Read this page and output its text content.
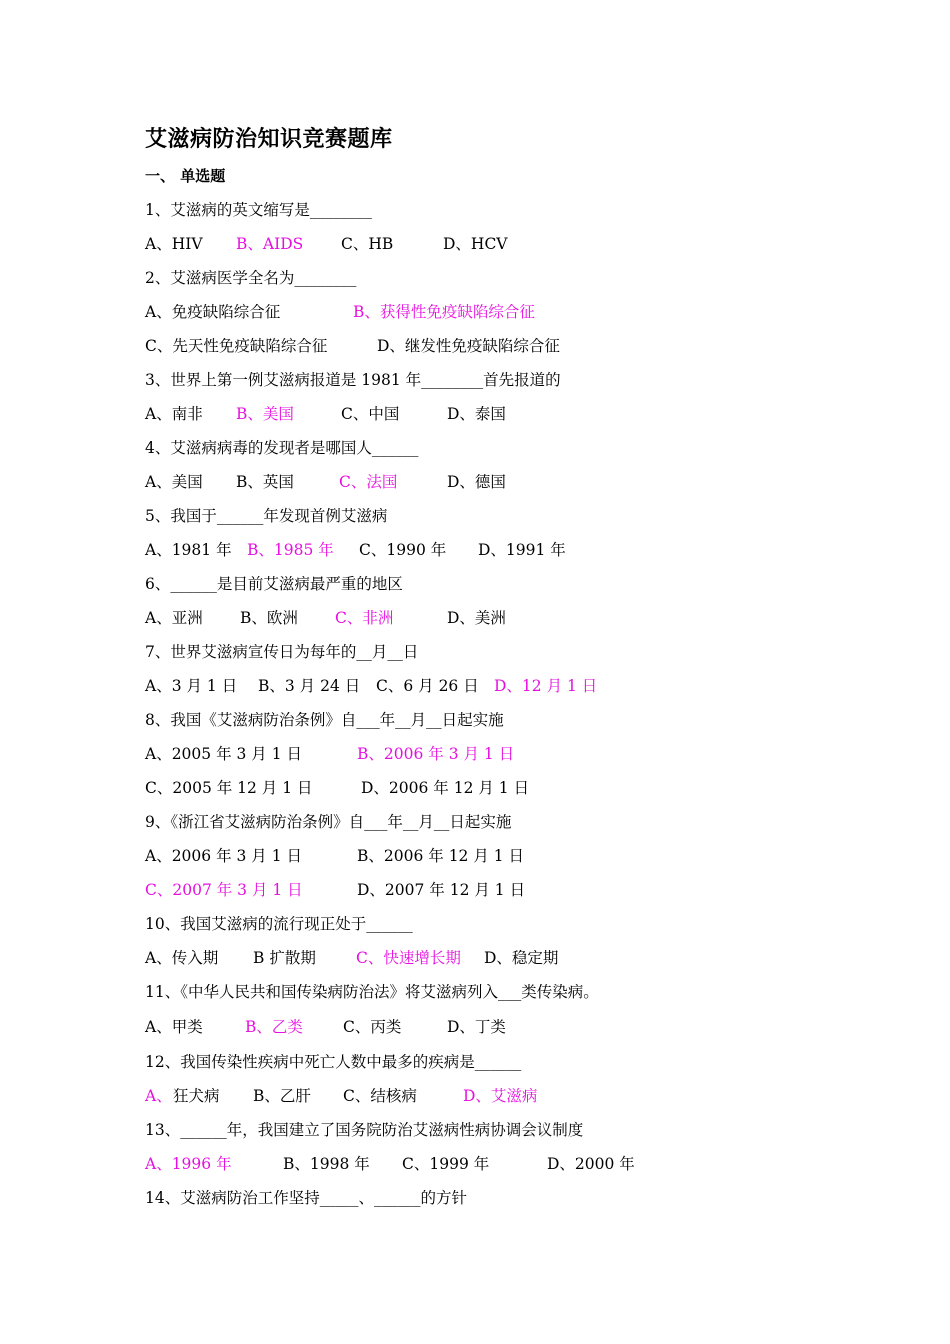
艾滋病防治知识竞赛题库
一、 单选题
1、艾滋病的英文缩写是________
A、HIV B、AIDS C、HB	D、HCV
2、艾滋病医学全名为________
A、免疫缺陷综合征	B、获得性免疫缺陷综合征
C、先天性免疫缺陷综合征	D、继发性免疫缺陷综合征
3、世界上第一例艾滋病报道是 1981 年________首先报道的
A、南非 B、美国	C、中国	D、泰国
4、艾滋病病毒的发现者是哪国人______
A、美国 B、英国	C、法国	D、德国
5、我国于______年发现首例艾滋病
A、1981 年 B、1985 年 C、1990 年 D、1991 年
6、______是目前艾滋病最严重的地区
A、亚洲 B、欧洲 C、非洲	D、美洲
7、世界艾滋病宣传日为每年的__月__日
A、3 月 1 日 B、3 月 24 日 C、6 月 26 日 D、12 月 1 日
8、我国《艾滋病防治条例》自___年__月__日起实施
A、2005 年 3 月 1 日	B、2006 年 3 月 1 日
C、2005 年 12 月 1 日	D、2006 年 12 月 1 日
9、《浙江省艾滋病防治条例》自___年__月__日起实施
A、2006 年 3 月 1 日	B、2006 年 12 月 1 日
C、2007 年 3 月 1 日	D、2007 年 12 月 1 日
10、我国艾滋病的流行现正处于______
A、传入期 B 扩散期	C、快速增长期 D、稳定期
11、《中华人民共和国传染病防治法》将艾滋病列入___类传染病。
A、甲类	B、乙类	C、丙类	D、丁类
12、我国传染性疾病中死亡人数中最多的疾病是______
A、 狂犬病 B、乙肝 C、结核病	D、艾滋病
13、______年，我国建立了国务院防治艾滋病性病协调会议制度
A、1996 年	B、1998 年 C、1999 年	D、2000 年
14、艾滋病防治工作坚持_____、______的方针
